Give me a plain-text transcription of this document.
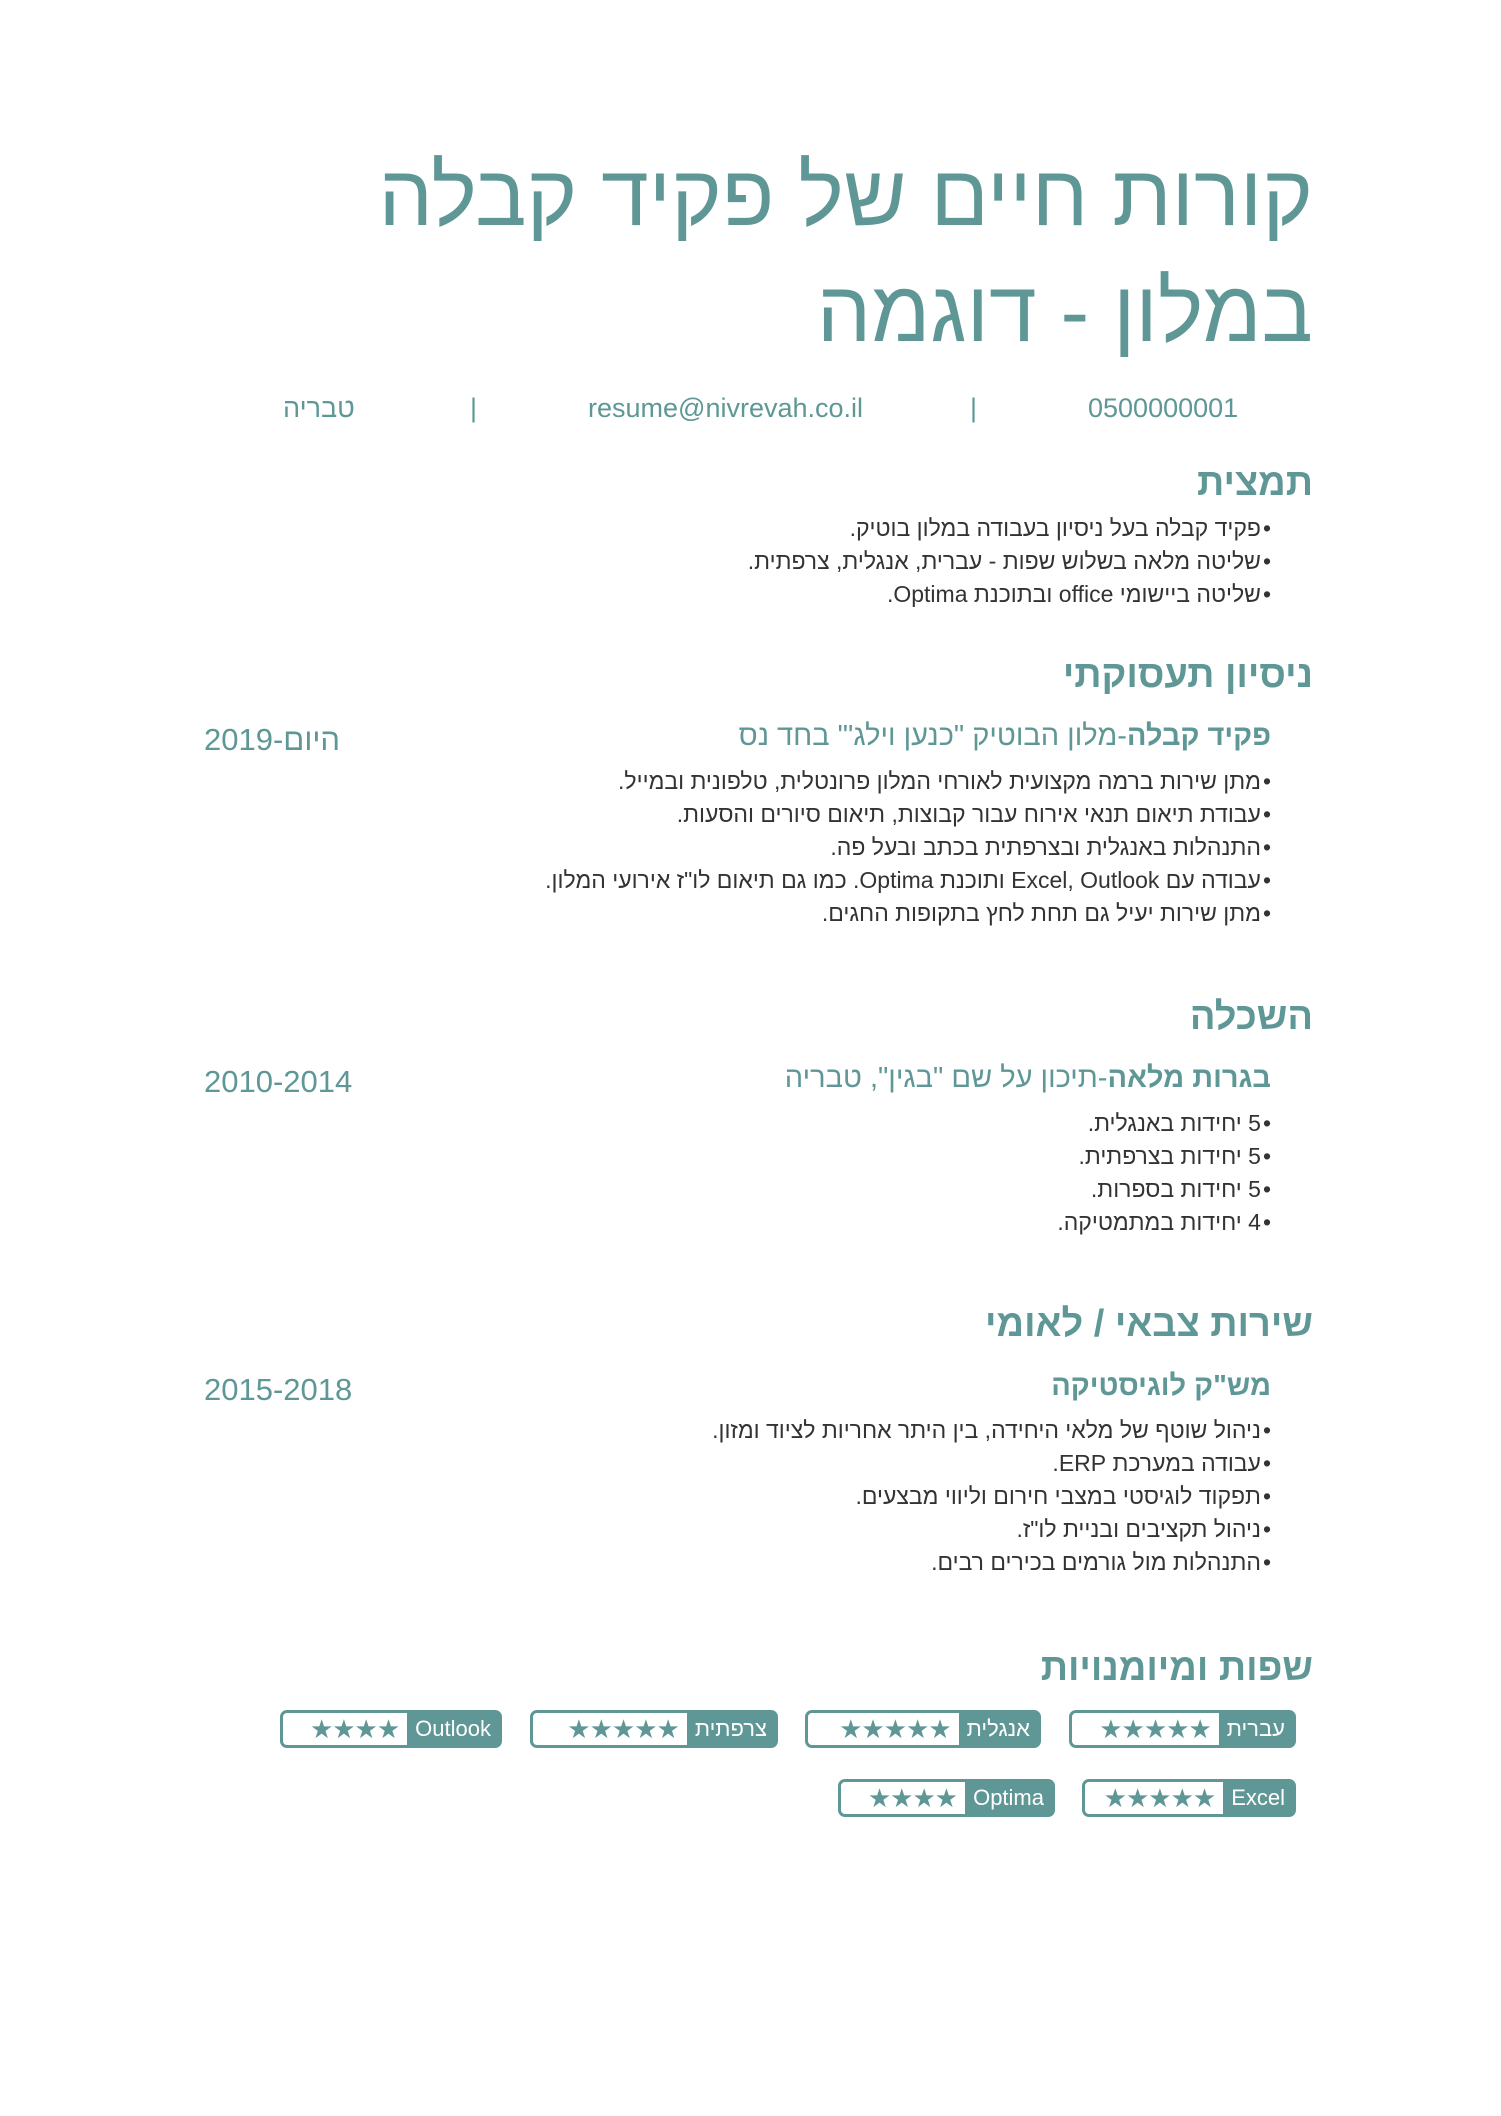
קורות חיים של פקיד קבלה
במלון - דוגמה
0500000001
|
resume@nivrevah.co.il
|
טבריה
תמצית
• פקיד קבלה בעל ניסיון בעבודה במלון בוטיק.
• שליטה מלאה בשלוש שפות - עברית, אנגלית, צרפתית.
• שליטה ביישומי office ובתוכנת Optima.
ניסיון תעסוקתי
פקיד קבלה-מלון הבוטיק "כנען וילג'" בחד נס
2019-היום
• מתן שירות ברמה מקצועית לאורחי המלון פרונטלית, טלפונית ובמייל.
• עבודת תיאום תנאי אירוח עבור קבוצות, תיאום סיורים והסעות.
• התנהלות באנגלית ובצרפתית בכתב ובעל פה.
• עבודה עם Excel, Outlook ותוכנת Optima. כמו גם תיאום לו"ז אירועי המלון.
• מתן שירות יעיל גם תחת לחץ בתקופות החגים.
השכלה
בגרות מלאה-תיכון על שם "בגין", טבריה
2010-2014
• 5 יחידות באנגלית.
• 5 יחידות בצרפתית.
• 5 יחידות בספרות.
• 4 יחידות במתמטיקה.
שירות צבאי / לאומי
מש"ק לוגיסטיקה
2015-2018
• ניהול שוטף של מלאי היחידה, בין היתר אחריות לציוד ומזון.
• עבודה במערכת ERP.
• תפקוד לוגיסטי במצבי חירום וליווי מבצעים.
• ניהול תקציבים ובניית לו"ז.
• התנהלות מול גורמים בכירים רבים.
שפות ומיומנויות
עברית
★★★★★
אנגלית
★★★★★
צרפתית
★★★★★
Outlook
★★★★
Excel
★★★★★
Optima
★★★★
